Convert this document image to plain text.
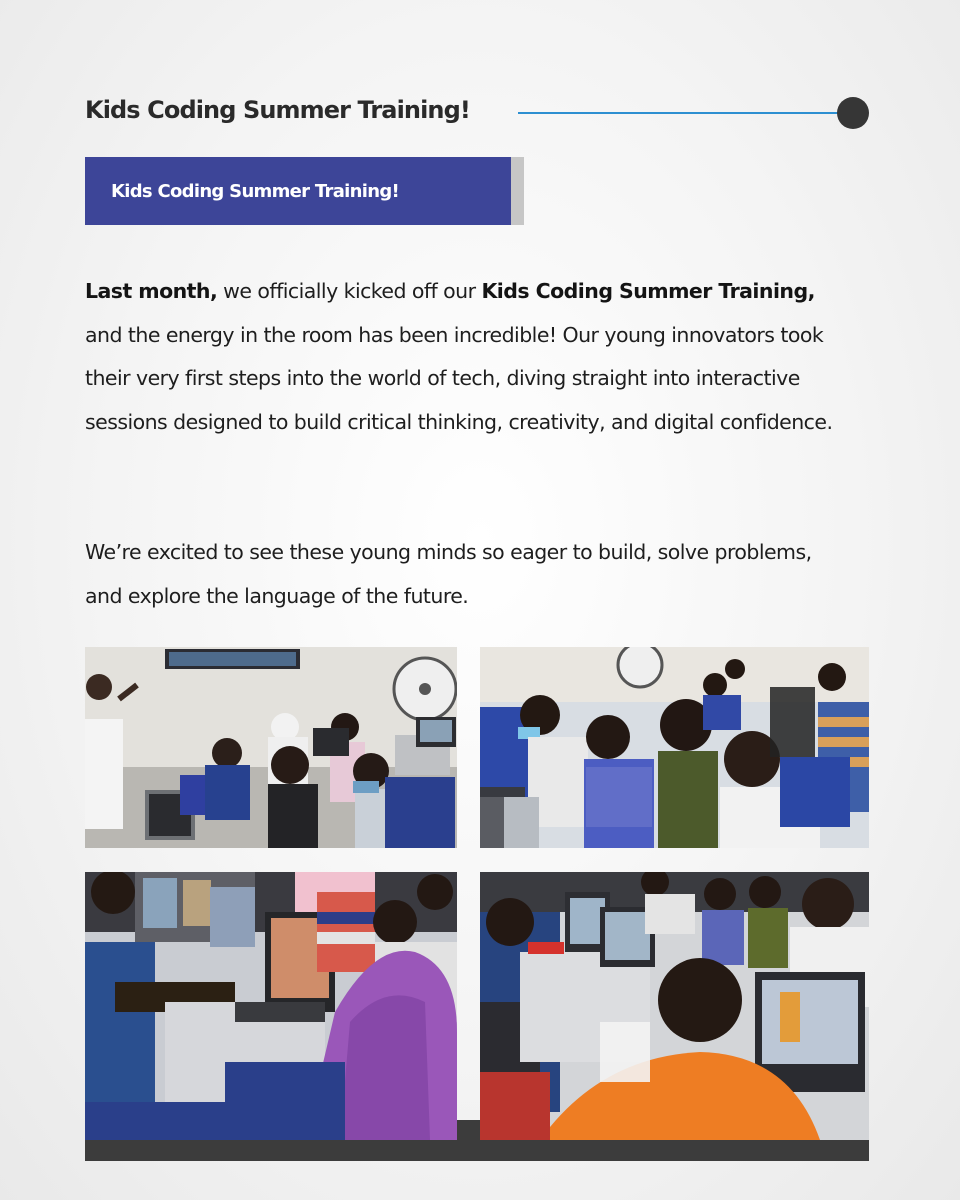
Kids Coding Summer Training!
Kids Coding Summer Training!

Last month, we officially kicked off our Kids Coding Summer Training, and the energy in the room has been incredible! Our young innovators took their very first steps into the world of tech, diving straight into interactive sessions designed to build critical thinking, creativity, and digital confidence.

We’re excited to see these young minds so eager to build, solve problems, and explore the language of the future.
